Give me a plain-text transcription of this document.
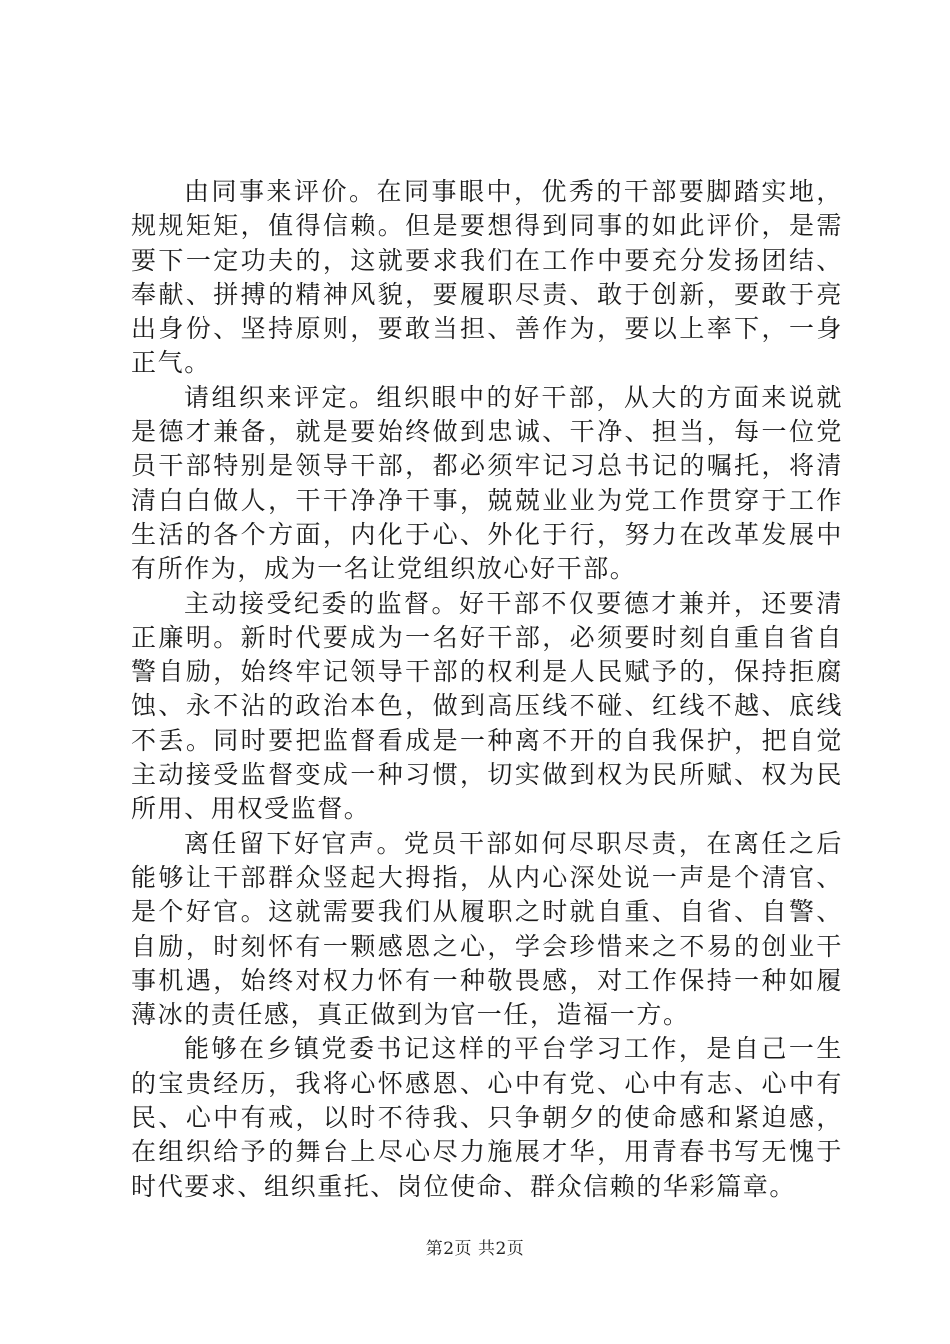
由同事来评价。在同事眼中，优秀的干部要脚踏实地，规规矩矩，值得信赖。但是要想得到同事的如此评价，是需要下一定功夫的，这就要求我们在工作中要充分发扬团结、奉献、拼搏的精神风貌，要履职尽责、敢于创新，要敢于亮出身份、坚持原则，要敢当担、善作为，要以上率下，一身正气。

请组织来评定。组织眼中的好干部，从大的方面来说就是德才兼备，就是要始终做到忠诚、干净、担当，每一位党员干部特别是领导干部，都必须牢记习总书记的嘱托，将清清白白做人，干干净净干事，兢兢业业为党工作贯穿于工作生活的各个方面，内化于心、外化于行，努力在改革发展中有所作为，成为一名让党组织放心好干部。

主动接受纪委的监督。好干部不仅要德才兼并，还要清正廉明。新时代要成为一名好干部，必须要时刻自重自省自警自励，始终牢记领导干部的权利是人民赋予的，保持拒腐蚀、永不沾的政治本色，做到高压线不碰、红线不越、底线不丢。同时要把监督看成是一种离不开的自我保护，把自觉主动接受监督变成一种习惯，切实做到权为民所赋、权为民所用、用权受监督。

离任留下好官声。党员干部如何尽职尽责，在离任之后能够让干部群众竖起大拇指，从内心深处说一声是个清官、是个好官。这就需要我们从履职之时就自重、自省、自警、自励，时刻怀有一颗感恩之心，学会珍惜来之不易的创业干事机遇，始终对权力怀有一种敬畏感，对工作保持一种如履薄冰的责任感，真正做到为官一任，造福一方。

能够在乡镇党委书记这样的平台学习工作，是自己一生的宝贵经历，我将心怀感恩、心中有党、心中有志、心中有民、心中有戒，以时不待我、只争朝夕的使命感和紧迫感，在组织给予的舞台上尽心尽力施展才华，用青春书写无愧于时代要求、组织重托、岗位使命、群众信赖的华彩篇章。

第2页 共2页
